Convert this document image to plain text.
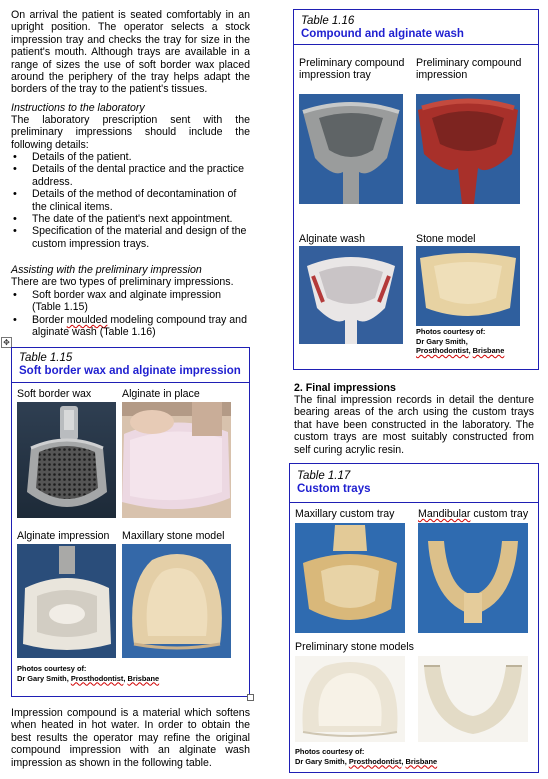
On arrival the patient is seated comfortably in an upright position. The operator selects a stock impression tray and checks the tray for size in the patient's mouth. Although trays are available in a range of sizes the use of soft border wax placed around the periphery of the tray helps adapt the borders of the tray to the patient's tissues.
Instructions to the laboratory
The laboratory prescription sent with the preliminary impressions should include the following details:
• Details of the patient.
• Details of the dental practice and the practice address.
• Details of the method of decontamination of the clinical items.
• The date of the patient's next appointment.
• Specification of the material and design of the custom impression trays.
Assisting with the preliminary impression
There are two types of preliminary impressions.
• Soft border wax and alginate impression (Table 1.15)
• Border moulded modeling compound tray and alginate wash (Table 1.16)
✥
Table 1.15
Soft border wax and alginate impression
Soft border wax	Alginate in place
Alginate impression Maxillary stone model
Photos courtesy of:
Dr Gary Smith, Prosthodontist, Brisbane
Impression compound is a material which softens when heated in hot water. In order to obtain the best results the operator may refine the original compound impression with an alginate wash impression as shown in the following table.
Table 1.16
Compound and alginate wash
Preliminary compound impression tray
Preliminary compound impression
Alginate wash	Stone model
Photos courtesy of:
Dr Gary Smith,
Prosthodontist, Brisbane
2. Final impressions
The final impression records in detail the denture bearing areas of the arch using the custom trays that have been constructed in the laboratory. The custom trays are most suitably constructed from self curing acrylic resin.
Table 1.17
Custom trays
Maxillary custom tray Mandibular custom tray
Preliminary stone models
Photos courtesy of:
Dr Gary Smith, Prosthodontist, Brisbane
